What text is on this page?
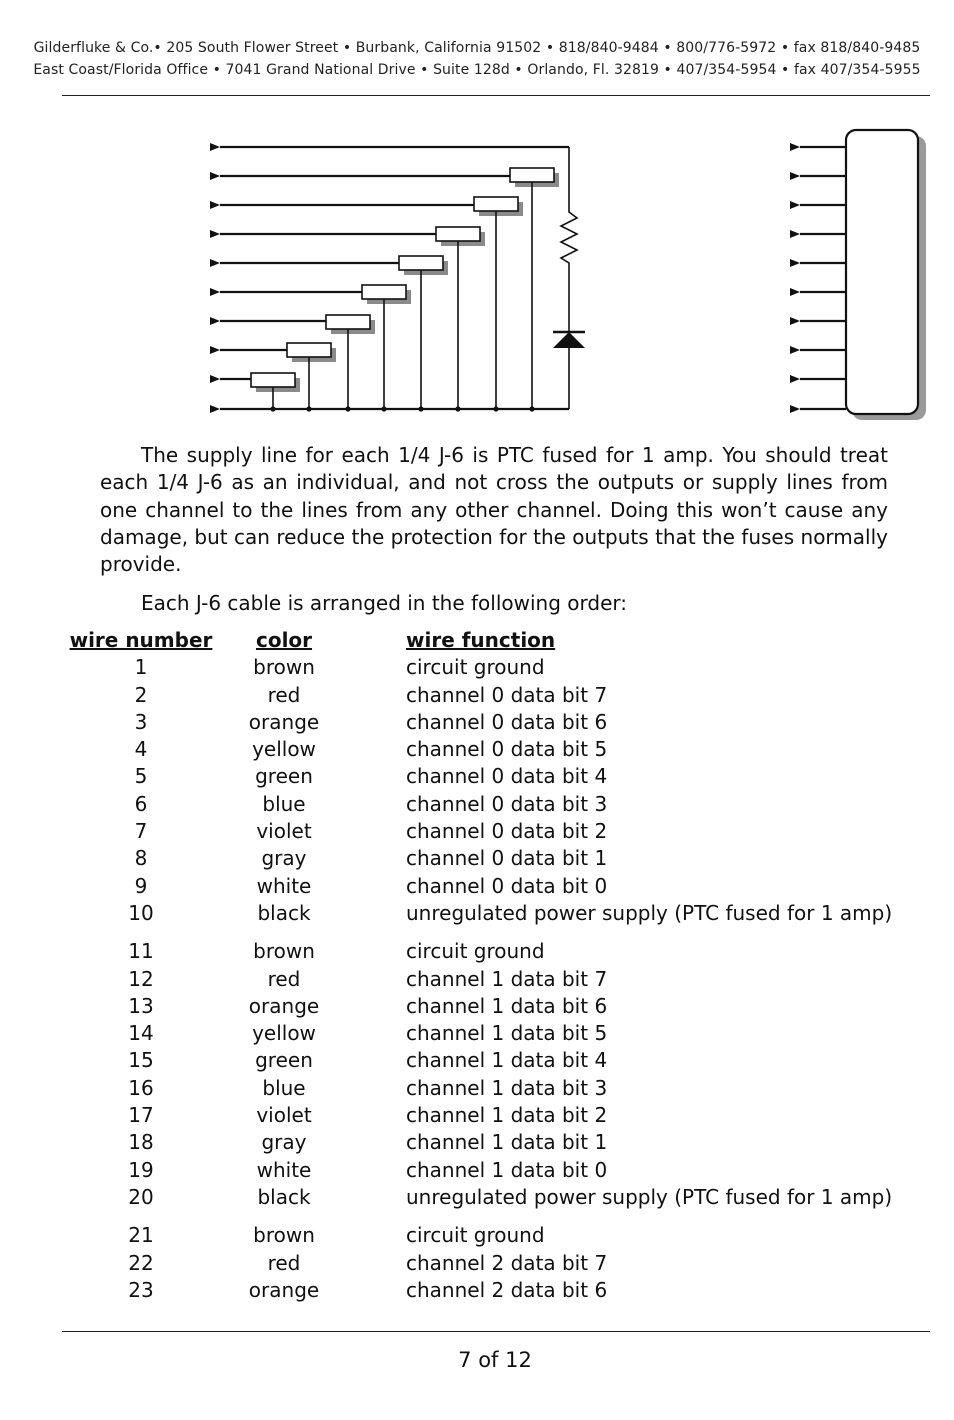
Gilderfluke & Co.• 205 South Flower Street • Burbank, California 91502 • 818/840-9484 • 800/776-5972 • fax 818/840-9485
East Coast/Florida Office • 7041 Grand National Drive • Suite 128d • Orlando, Fl. 32819 • 407/354-5954 • fax 407/354-5955
The supply line for each 1/4 J-6 is PTC fused for 1 amp. You should treat each 1/4 J-6 as an individual, and not cross the outputs or supply lines from one channel to the lines from any other channel. Doing this won’t cause any damage, but can reduce the protection for the outputs that the fuses normally provide.
Each J-6 cable is arranged in the following order:
wire number	color	wire function
1	brown	circuit ground
2	red	channel 0 data bit 7
3	orange	channel 0 data bit 6
4	yellow	channel 0 data bit 5
5	green	channel 0 data bit 4
6	blue	channel 0 data bit 3
7	violet	channel 0 data bit 2
8	gray	channel 0 data bit 1
9	white	channel 0 data bit 0
10	black	unregulated power supply (PTC fused for 1 amp)
11	brown	circuit ground
12	red	channel 1 data bit 7
13	orange	channel 1 data bit 6
14	yellow	channel 1 data bit 5
15	green	channel 1 data bit 4
16	blue	channel 1 data bit 3
17	violet	channel 1 data bit 2
18	gray	channel 1 data bit 1
19	white	channel 1 data bit 0
20	black	unregulated power supply (PTC fused for 1 amp)
21	brown	circuit ground
22	red	channel 2 data bit 7
23	orange	channel 2 data bit 6
7 of 12
